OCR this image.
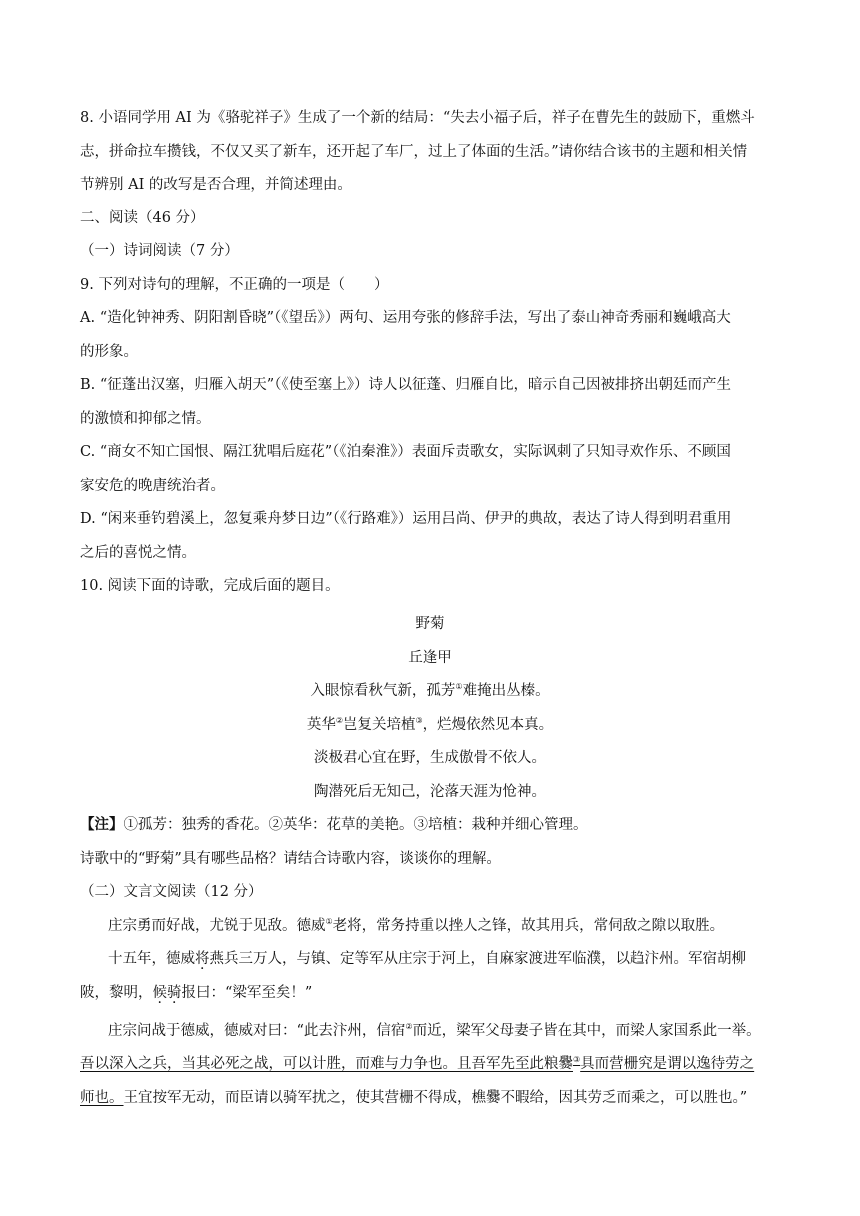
8. 小语同学用 AI 为《骆驼祥子》生成了一个新的结局：“失去小福子后，祥子在曹先生的鼓励下，重燃斗
志，拼命拉车攒钱，不仅又买了新车，还开起了车厂，过上了体面的生活。”请你结合该书的主题和相关情
节辨别 AI 的改写是否合理，并简述理由。
二、阅读（46 分）
（一）诗词阅读（7 分）
9. 下列对诗句的理解，不正确的一项是（　　）
A. “造化钟神秀、阴阳割昏晓”（《望岳》）两句、运用夸张的修辞手法，写出了泰山神奇秀丽和巍峨高大
的形象。
B. “征蓬出汉塞，归雁入胡天”（《使至塞上》）诗人以征蓬、归雁自比，暗示自己因被排挤出朝廷而产生
的激愤和抑郁之情。
C. “商女不知亡国恨、隔江犹唱后庭花”（《泊秦淮》）表面斥责歌女，实际讽刺了只知寻欢作乐、不顾国
家安危的晚唐统治者。
D. “闲来垂钓碧溪上，忽复乘舟梦日边”（《行路难》）运用吕尚、伊尹的典故，表达了诗人得到明君重用
之后的喜悦之情。
10. 阅读下面的诗歌，完成后面的题目。
野菊
丘逢甲
入眼惊看秋气新，孤芳①难掩出丛榛。
英华②岂复关培植③，烂熳依然见本真。
淡极君心宜在野，生成傲骨不依人。
陶潜死后无知己，沦落天涯为怆神。
【注】①孤芳：独秀的香花。②英华：花草的美艳。③培植：栽种并细心管理。
诗歌中的“野菊”具有哪些品格？请结合诗歌内容，谈谈你的理解。
（二）文言文阅读（12 分）
庄宗勇而好战，尤锐于见敌。德威①老将，常务持重以挫人之锋，故其用兵，常伺敌之隙以取胜。
十五年，德威将燕兵三万人，与镇、定等军从庄宗于河上，自麻家渡进军临濮，以趋汴州。军宿胡柳
陂，黎明，候骑报曰：“梁军至矣！”
庄宗问战于德威，德威对曰：“此去汴州，信宿②而近，梁军父母妻子皆在其中，而梁人家国系此一举。
吾以深入之兵，当其必死之战，可以计胜，而难与力争也。且吾军先至此粮爨③具而营栅究是谓以逸待劳之
师也。王宜按军无动，而臣请以骑军扰之，使其营栅不得成，樵爨不暇给，因其劳乏而乘之，可以胜也。”
